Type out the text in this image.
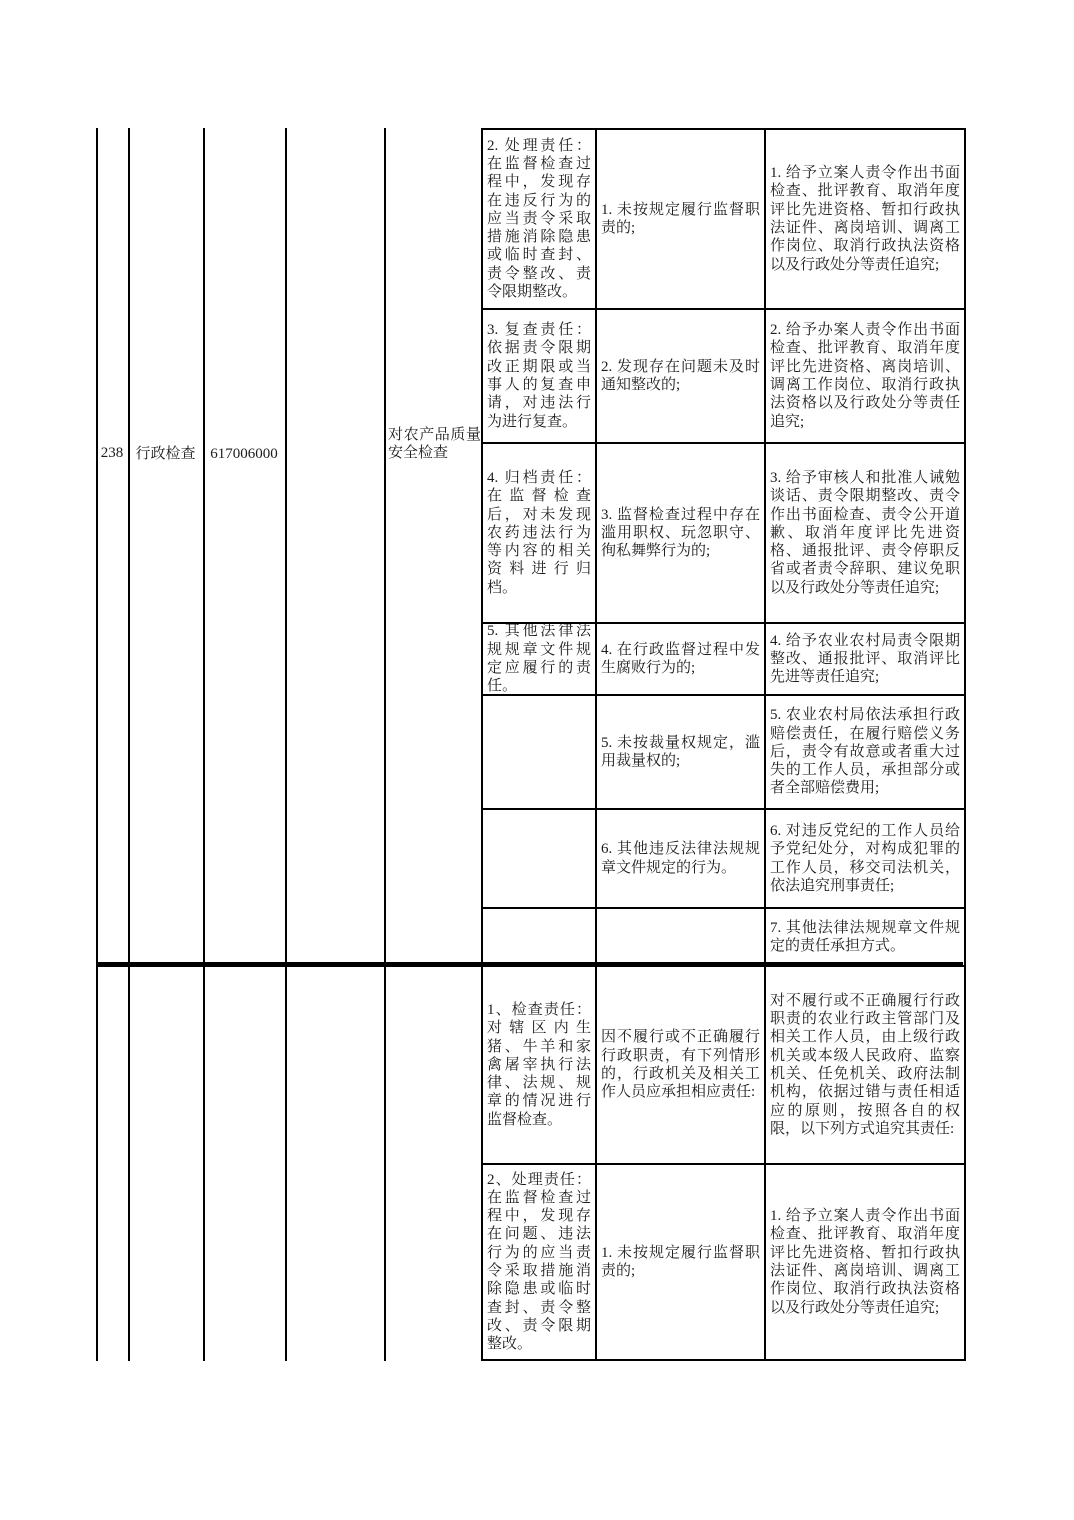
238 行政检查 617006000
对农产品质量安全检查
2. 处理责任：在监督检查过程中，发现存在违反行为的应当责令采取措施消除隐患或临时查封、责令整改、责令限期整改。
1. 未按规定履行监督职责的;
1. 给予立案人责令作出书面检查、批评教育、取消年度评比先进资格、暂扣行政执法证件、离岗培训、调离工作岗位、取消行政执法资格以及行政处分等责任追究;
3. 复查责任：依据责令限期改正期限或当事人的复查申请，对违法行为进行复查。
2. 发现存在问题未及时通知整改的;
2. 给予办案人责令作出书面检查、批评教育、取消年度评比先进资格、离岗培训、调离工作岗位、取消行政执法资格以及行政处分等责任追究;
4. 归档责任：在监督检查后，对未发现农药违法行为等内容的相关资料进行归档。
3. 监督检查过程中存在滥用职权、玩忽职守、徇私舞弊行为的;
3. 给予审核人和批准人诫勉谈话、责令限期整改、责令作出书面检查、责令公开道歉、取消年度评比先进资格、通报批评、责令停职反省或者责令辞职、建议免职以及行政处分等责任追究;
5. 其他法律法规规章文件规定应履行的责任。
4. 在行政监督过程中发生腐败行为的;
4. 给予农业农村局责令限期整改、通报批评、取消评比先进等责任追究;
5. 未按裁量权规定，滥用裁量权的;
5. 农业农村局依法承担行政赔偿责任，在履行赔偿义务后，责令有故意或者重大过失的工作人员，承担部分或者全部赔偿费用;
6. 其他违反法律法规规章文件规定的行为。
6. 对违反党纪的工作人员给予党纪处分，对构成犯罪的工作人员，移交司法机关，依法追究刑事责任;
7. 其他法律法规规章文件规定的责任承担方式。
1、检查责任：对辖区内生猪、牛羊和家禽屠宰执行法律、法规、规章的情况进行监督检查。
因不履行或不正确履行行政职责，有下列情形的，行政机关及相关工作人员应承担相应责任:
对不履行或不正确履行行政职责的农业行政主管部门及相关工作人员，由上级行政机关或本级人民政府、监察机关、任免机关、政府法制机构，依据过错与责任相适应的原则，按照各自的权限，以下列方式追究其责任:
2、处理责任：在监督检查过程中，发现存在问题、违法行为的应当责令采取措施消除隐患或临时查封、责令整改、责令限期整改。
1. 未按规定履行监督职责的;
1. 给予立案人责令作出书面检查、批评教育、取消年度评比先进资格、暂扣行政执法证件、离岗培训、调离工作岗位、取消行政执法资格以及行政处分等责任追究;
